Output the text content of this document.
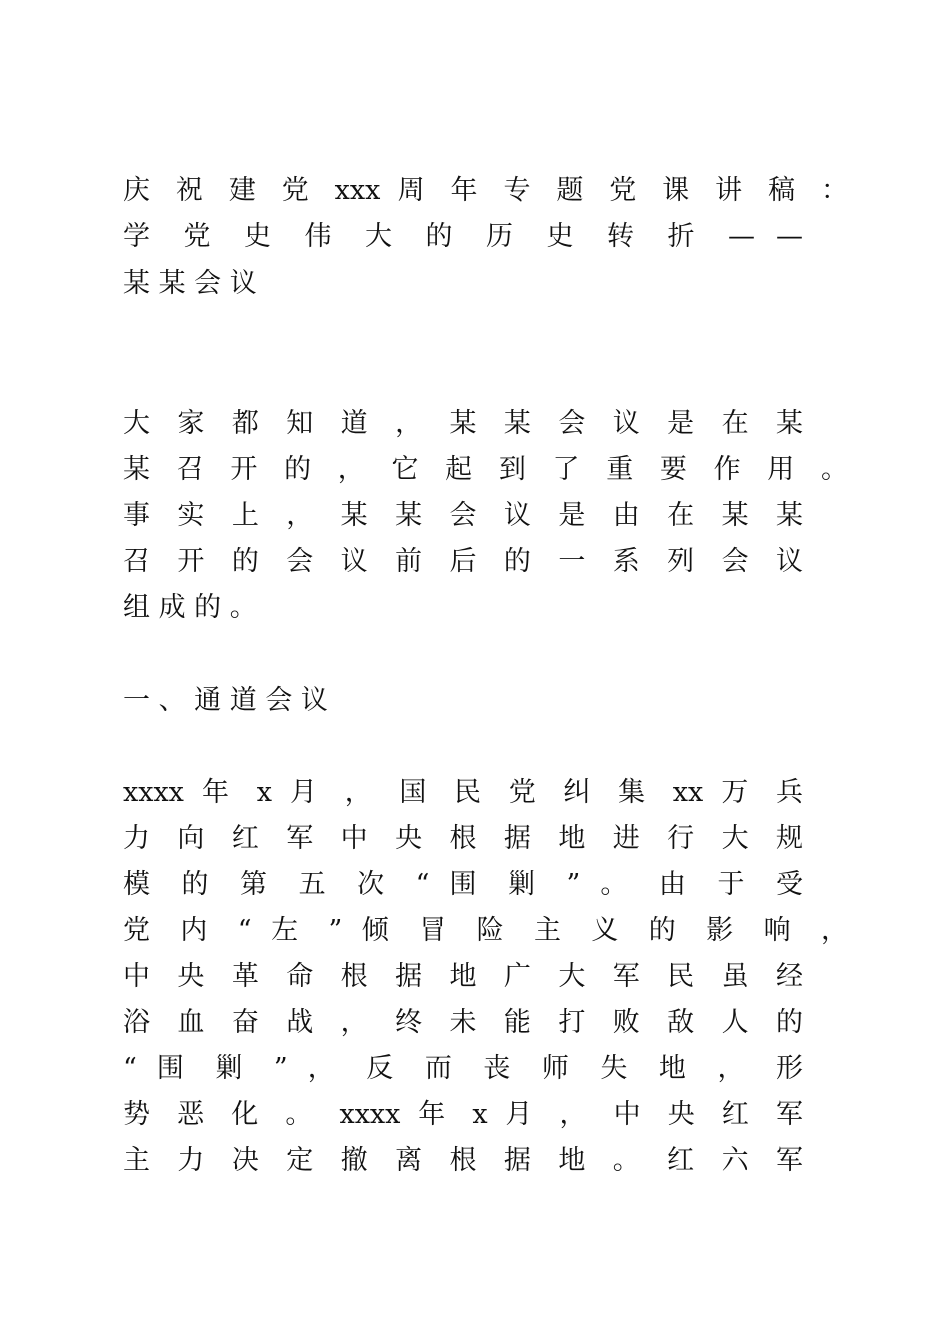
庆 祝 建 党 xxx 周 年 专 题 党 课 讲 稿 ：
学 党 史 伟 大 的 历 史 转 折 — —
某 某 会 议
大 家 都 知 道 ， 某 某 会 议 是 在 某
某 召 开 的 ， 它 起 到 了 重 要 作 用 。
事 实 上 ， 某 某 会 议 是 由 在 某 某
召 开 的 会 议 前 后 的 一 系 列 会 议
组 成 的 。
一 、 通 道 会 议
xxxx 年 x 月 ， 国 民 党 纠 集 xx 万 兵
力 向 红 军 中 央 根 据 地 进 行 大 规
模 的 第 五 次 “ 围 剿 ” 。 由 于 受
党 内 “ 左 ” 倾 冒 险 主 义 的 影 响 ，
中 央 革 命 根 据 地 广 大 军 民 虽 经
浴 血 奋 战 ， 终 未 能 打 败 敌 人 的
“ 围 剿 ” ， 反 而 丧 师 失 地 ， 形
势 恶 化 。 xxxx 年 x 月 ， 中 央 红 军
主 力 决 定 撤 离 根 据 地 。 红 六 军
